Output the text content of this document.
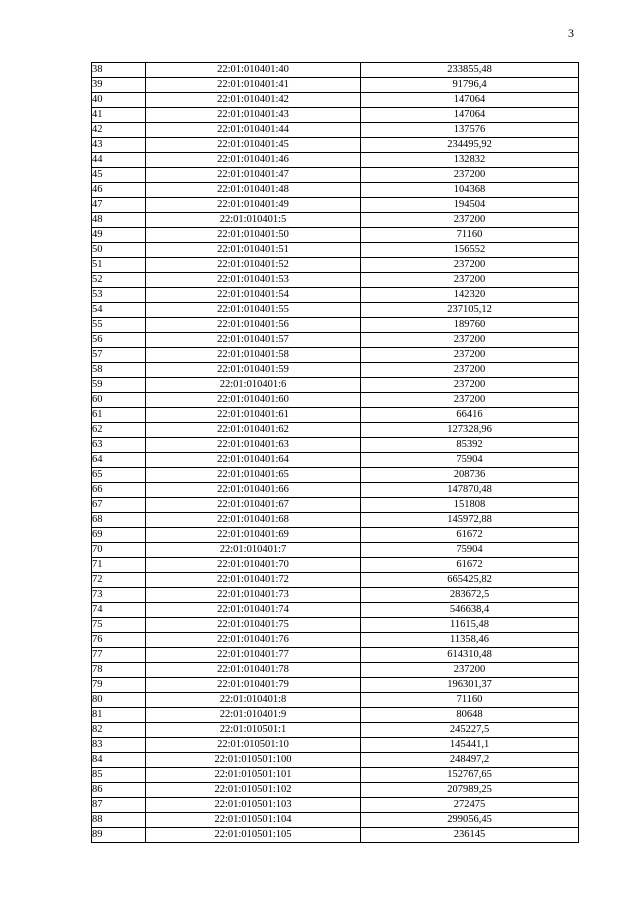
3
38	22:01:010401:40	233855,48
39	22:01:010401:41	91796,4
40	22:01:010401:42	147064
41	22:01:010401:43	147064
42	22:01:010401:44	137576
43	22:01:010401:45	234495,92
44	22:01:010401:46	132832
45	22:01:010401:47	237200
46	22:01:010401:48	104368
47	22:01:010401:49	194504
48	22:01:010401:5	237200
49	22:01:010401:50	71160
50	22:01:010401:51	156552
51	22:01:010401:52	237200
52	22:01:010401:53	237200
53	22:01:010401:54	142320
54	22:01:010401:55	237105,12
55	22:01:010401:56	189760
56	22:01:010401:57	237200
57	22:01:010401:58	237200
58	22:01:010401:59	237200
59	22:01:010401:6	237200
60	22:01:010401:60	237200
61	22:01:010401:61	66416
62	22:01:010401:62	127328,96
63	22:01:010401:63	85392
64	22:01:010401:64	75904
65	22:01:010401:65	208736
66	22:01:010401:66	147870,48
67	22:01:010401:67	151808
68	22:01:010401:68	145972,88
69	22:01:010401:69	61672
70	22:01:010401:7	75904
71	22:01:010401:70	61672
72	22:01:010401:72	665425,82
73	22:01:010401:73	283672,5
74	22:01:010401:74	546638,4
75	22:01:010401:75	11615,48
76	22:01:010401:76	11358,46
77	22:01:010401:77	614310,48
78	22:01:010401:78	237200
79	22:01:010401:79	196301,37
80	22:01:010401:8	71160
81	22:01:010401:9	80648
82	22:01:010501:1	245227,5
83	22:01:010501:10	145441,1
84	22:01:010501:100	248497,2
85	22:01:010501:101	152767,65
86	22:01:010501:102	207989,25
87	22:01:010501:103	272475
88	22:01:010501:104	299056,45
89	22:01:010501:105	236145
